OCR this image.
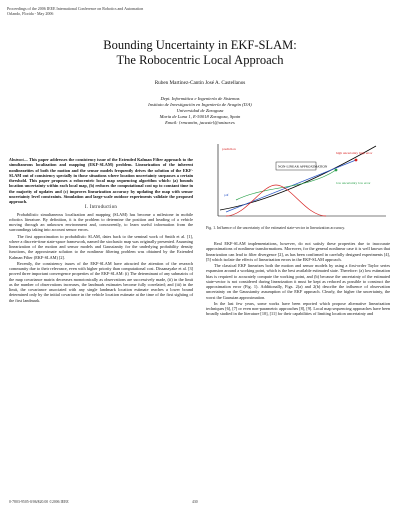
Proceedings of the 2006 IEEE International Conference on Robotics and Automation
Orlando, Florida - May 2006
Bounding Uncertainty in EKF-SLAM:
The Robocentric Local Approach
Ruben Martinez-Cantin José A. Castellanos
Dept. Informática e Ingeniería de Sistemas
Instituto de Investigación en Ingeniería de Aragón (I3A)
Universidad de Zaragoza
María de Luna 1, E-50018 Zaragoza, Spain
Email: {rmcantin, jacaste}@unizar.es

Abstract— This paper addresses the consistency issue of the Extended Kalman Filter approach to the simultaneous localization and mapping (EKF-SLAM) problem. Linearization of the inherent nonlinearities of both the motion and the sensor models frequently drives the solution of the EKF-SLAM out of consistency specially in those situations where location uncertainty surpasses a certain threshold. This paper proposes a robocentric local map sequencing algorithm which: (a) bounds location uncertainty within each local map, (b) reduces the computational cost up to constant time in the majority of updates and (c) improves linearization accuracy by updating the map with sensor uncertainty level constraints. Simulation and large-scale outdoor experiments validate the proposed approach.

I. Introduction

Probabilistic simultaneous localization and mapping (SLAM) has become a milestone in mobile robotics literature. By definition, it is the problem to determine the position and heading of a vehicle moving through an unknown environment and, concurrently, to learn useful information from the surroundings taking into account sensor errors.

The first approximation to probabilistic SLAM, dates back to the seminal work of Smith et al. [1], where a discrete-time state-space framework, named the stochastic map was originally presented. Assuming linearization of the motion and sensor models and Gaussianity for the underlying probability density functions, the approximate solution to the nonlinear filtering problem was obtained by the Extended Kalman Filter (EKF-SLAM) [2].

Recently, the consistency issues of the EKF-SLAM have attracted the attention of the research community due to their relevance, even with higher priority than computational cost. Dissanayake et al. [3] proved three important convergence properties of the EKF-SLAM: (i) The determinant of any submatrix of the map covariance matrix decreases monotonically as observations are successively made, (ii) in the limit as the number of observations increases, the landmark estimates become fully correlated; and (iii) in the limit, the covariance associated with any single landmark location estimate reaches a lower bound determined only by the initial covariance in the vehicle location estimate at the time of the first sighting of the first landmark.

NON-LINEAR APPROXIMATION
prediction
high uncertainty high error
low uncertainty low error
pdf
Fig. 1. Influence of the uncertainty of the estimated state-vector in linearization accuracy.

Real EKF-SLAM implementations, however, do not satisfy these properties due to inaccurate approximations of nonlinear transformations. Moreover, for the general nonlinear case it is well known that linearization can lead to filter divergence [2], as has been confirmed in carefully designed experiments [4], [5] which isolate the effects of linearization errors in the EKF-SLAM approach.

The classical EKF linearizes both the motion and sensor models by using a first-order Taylor series expansion around a working point, which is the best available estimated state. Therefore: (a) low estimation bias is required to accurately compute the working point, and (b) because the uncertainty of the estimated state-vector is not considered during linearization it must be kept as reduced as possible to construct the approximation error (Fig. 1). Additionally, Figs. 2(a) and 2(b) describe the influence of observation uncertainty on the Gaussianity assumption of the EKF approach. Clearly, the higher the uncertainty, the worst the Gaussian approximation.

In the last few years, some works have been reported which propose alternative linearization techniques [6], [7] or even non-parametric approaches [8], [9]. Local map sequencing approaches have been broadly studied in the literature [10], [11] for their capabilities of limiting location uncertainty and

0-7803-9505-0/06/$20.00 ©2006 IEEE	430
